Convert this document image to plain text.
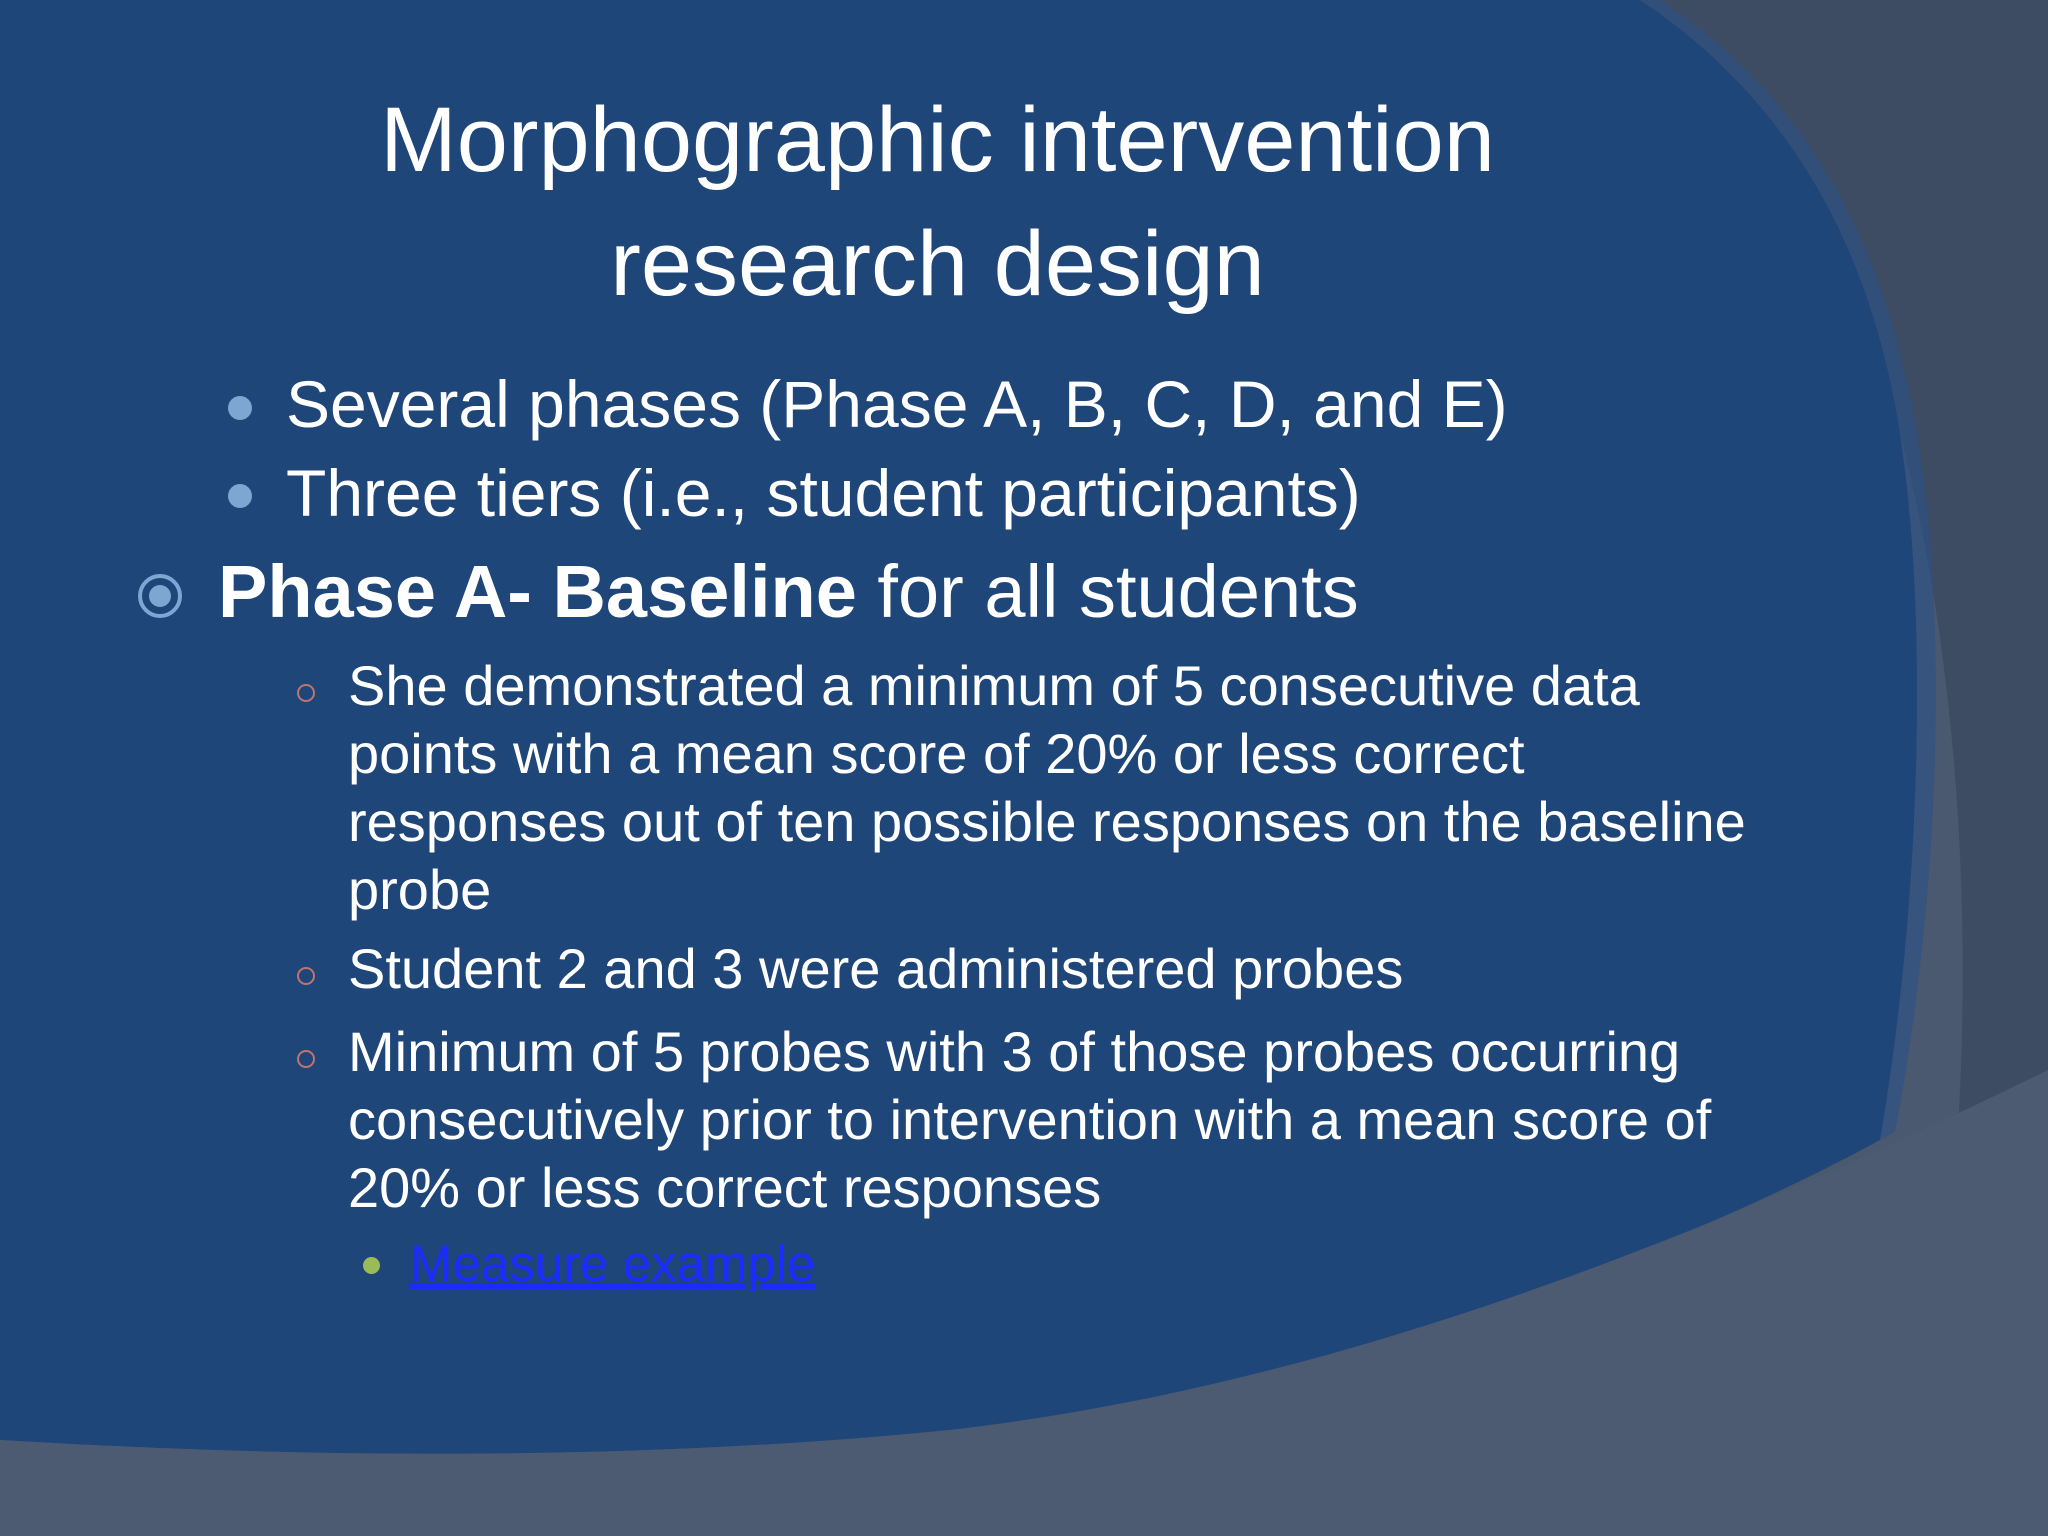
Morphographic intervention
research design
Several phases (Phase A, B, C, D, and E)
Three tiers (i.e., student participants)
Phase A- Baseline for all students
She demonstrated a minimum of 5 consecutive data points with a mean score of 20% or less correct responses out of ten possible responses on the baseline probe
Student 2 and 3 were administered probes
Minimum of 5 probes with 3 of those probes occurring consecutively prior to intervention with a mean score of 20% or less correct responses
Measure example
